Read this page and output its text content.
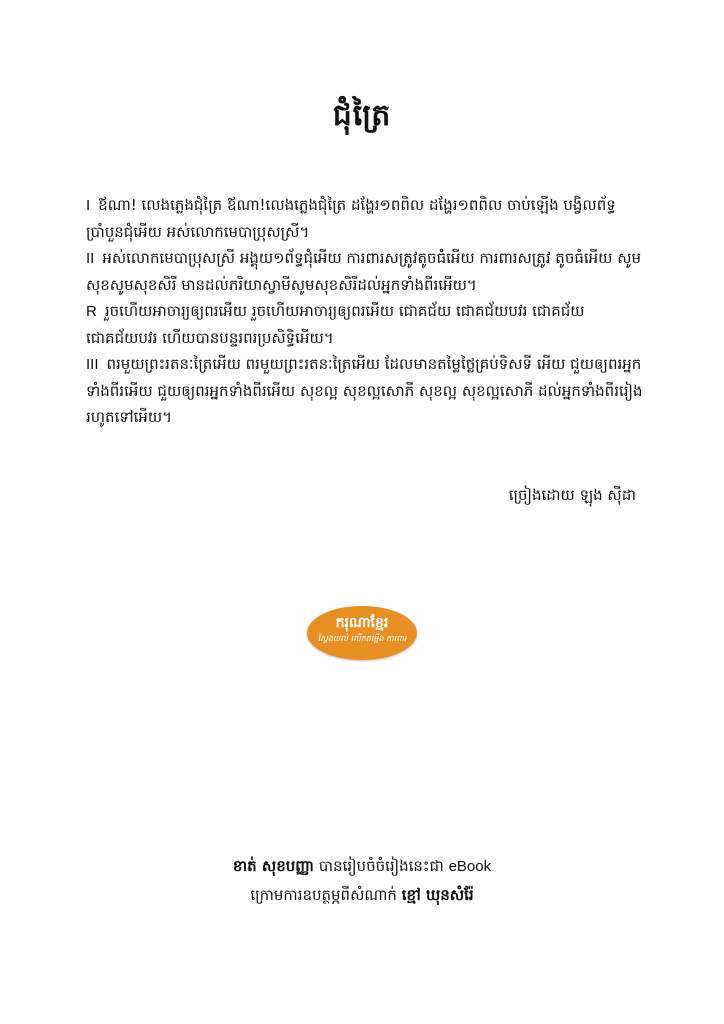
ជុំត្រៃ

I ឪណា! លេងភ្លេងជុំត្រៃ ឪណា!លេងភ្លេងជុំត្រៃ ដង្ហែរ១ពពិល ដង្ហែរ១ពពិល ចាប់ឡើង បង្វិលព័ទ្ធប្រាំបួនជុំអើយ អស់លោកមេបាប្រុសស្រី។

II អស់លោកមេបាប្រុសស្រី អង្គុយ១ព័ទ្ធជុំអើយ ការពារសត្រូវតូចធំអើយ ការពារសត្រូវ តូចធំអើយ សូមសុខសូមសុខសិរី មានដល់ភរិយាស្វាមីសូមសុខសិរីដល់អ្នកទាំងពីរអើយ។

R រួចហើយអាចារ្យឲ្យពរអើយ រួចហើយអាចារ្យឲ្យពរអើយ ជោគជ័យ ជោគជ័យបវរ ជោគជ័យ ជោគជ័យបវរ ហើយបានបន្ទរពរប្រសិទ្ធិអើយ។

III ពរមួយព្រះរតនៈត្រៃអើយ ពរមួយព្រះរតនៈត្រៃអើយ ដែលមានតម្លៃថ្លៃគ្រប់ទិសទី អើយ ជួយឲ្យពរអ្នកទាំងពីរអើយ ជួយឲ្យពរអ្នកទាំងពីរអើយ សុខល្អ សុខល្អសោភី សុខល្អ សុខល្អសោភី ដល់អ្នកទាំងពីររៀងរហូតទៅអើយ។

ច្រៀងដោយ ឡុង ស៊ីដា
ករុណាខ្មែរ
ស្វែងយល់ លើកតម្កើង ការពារ
ខាត់ សុខបញ្ញា បានរៀបចំចំរៀងនេះជា eBook
ក្រោមការឧបត្ថម្ភពីសំណាក់ ខ្មៅ ឃុនសំរ៉ែ
